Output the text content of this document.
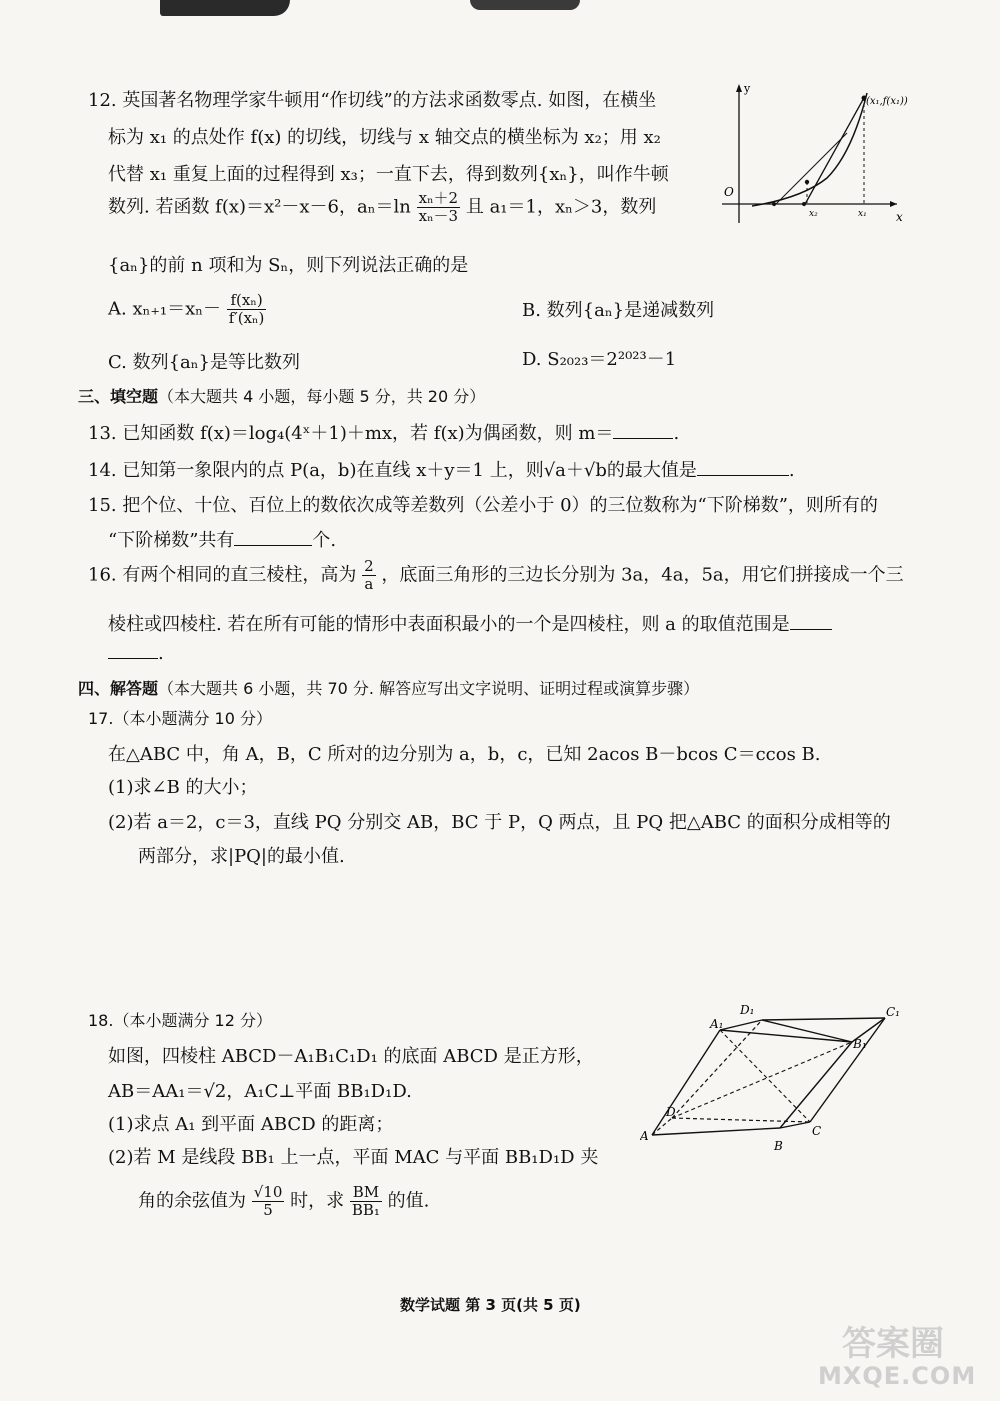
12. 英国著名物理学家牛顿用“作切线”的方法求函数零点. 如图，在横坐
标为 x₁ 的点处作 f(x) 的切线，切线与 x 轴交点的横坐标为 x₂；用 x₂
代替 x₁ 重复上面的过程得到 x₃；一直下去，得到数列{xₙ}，叫作牛顿
数列. 若函数 f(x)＝x²－x－6，$a_n=\ln \frac{\text{xₙ＋2}}{\text{xₙ－3}}$ 且 a₁＝1，xₙ＞3，数列
{aₙ}的前 n 项和为 Sₙ，则下列说法正确的是
A. $x_{n+1}=x_n- \frac{\text{f(xₙ)}}{\text{f′(xₙ)}}$	B. 数列{aₙ}是递减数列
C. 数列{aₙ}是等比数列	D. S₂₀₂₃＝2²⁰²³－1
y
x
O
(x₁,f(x₁))
x₁
x₂
三、填空题（本大题共 4 小题，每小题 5 分，共 20 分）
13. 已知函数 f(x)＝log₄(4ˣ＋1)＋mx，若 f(x)为偶函数，则 m＝	.
14. 已知第一象限内的点 P(a，b)在直线 x＋y＝1 上，则√a＋√b的最大值是	.
15. 把个位、十位、百位上的数依次成等差数列（公差小于 0）的三位数称为“下阶梯数”，则所有的
“下阶梯数”共有	个.
16. 有两个相同的直三棱柱，高为 $\frac{2}{a}$ ，底面三角形的三边长分别为 3a，4a，5a，用它们拼接成一个三
棱柱或四棱柱. 若在所有可能的情形中表面积最小的一个是四棱柱，则 a 的取值范围是
.
四、解答题（本大题共 6 小题，共 70 分. 解答应写出文字说明、证明过程或演算步骤）
17.（本小题满分 10 分）
在△ABC 中，角 A，B，C 所对的边分别为 a，b，c，已知 2acos B－bcos C＝ccos B.
(1)求∠B 的大小；
(2)若 a＝2，c＝3，直线 PQ 分别交 AB，BC 于 P，Q 两点，且 PQ 把△ABC 的面积分成相等的
两部分，求|PQ|的最小值.
18.（本小题满分 12 分）
如图，四棱柱 ABCD－A₁B₁C₁D₁ 的底面 ABCD 是正方形，
AB＝AA₁＝√2，A₁C⊥平面 BB₁D₁D.
(1)求点 A₁ 到平面 ABCD 的距离；
(2)若 M 是线段 BB₁ 上一点，平面 MAC 与平面 BB₁D₁D 夹
角的余弦值为 $\frac{√10}{5}$ 时，求 $\frac{BM}{\text{BB₁}}$ 的值.
A
B
C
D
A₁
B₁
C₁
D₁
数学试题 第 3 页(共 5 页)
答案圈
MXQE.COM
